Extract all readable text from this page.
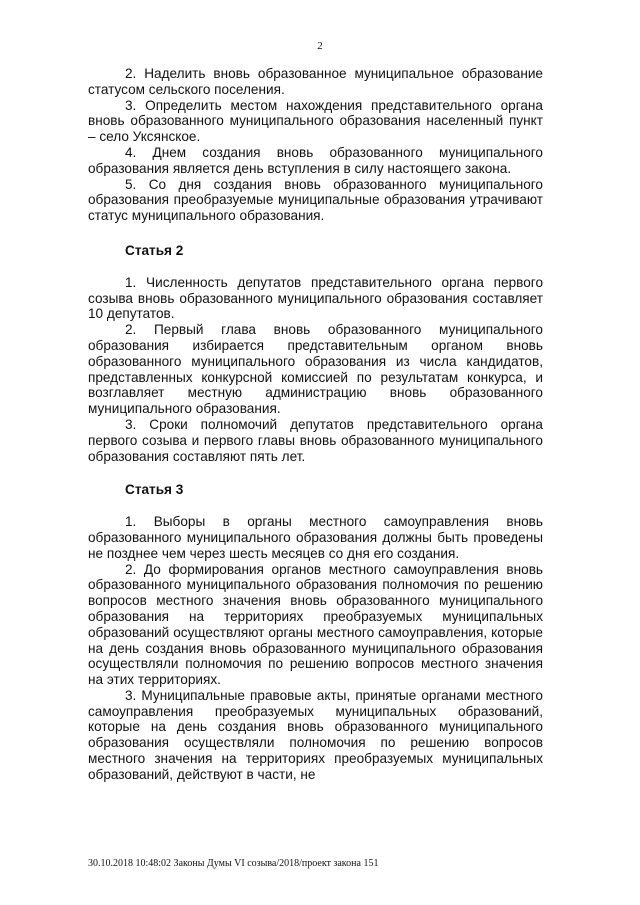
2

2. Наделить вновь образованное муниципальное образование статусом сельского поселения.

3. Определить местом нахождения представительного органа вновь образованного муниципального образования населенный пункт – село Уксянское.

4. Днем создания вновь образованного муниципального образования является день вступления в силу настоящего закона.

5. Со дня создания вновь образованного муниципального образования преобразуемые муниципальные образования утрачивают статус муниципального образования.

Статья 2

1. Численность депутатов представительного органа первого созыва вновь образованного муниципального образования составляет 10 депутатов.

2. Первый глава вновь образованного муниципального образования избирается представительным органом вновь образованного муниципального образования из числа кандидатов, представленных конкурсной комиссией по результатам конкурса, и возглавляет местную администрацию вновь образованного муниципального образования.

3. Сроки полномочий депутатов представительного органа первого созыва и первого главы вновь образованного муниципального образования составляют пять лет.

Статья 3

1. Выборы в органы местного самоуправления вновь образованного муниципального образования должны быть проведены не позднее чем через шесть месяцев со дня его создания.

2. До формирования органов местного самоуправления вновь образованного муниципального образования полномочия по решению вопросов местного значения вновь образованного муниципального образования на территориях преобразуемых муниципальных образований осуществляют органы местного самоуправления, которые на день создания вновь образованного муниципального образования осуществляли полномочия по решению вопросов местного значения на этих территориях.

3. Муниципальные правовые акты, принятые органами местного самоуправления преобразуемых муниципальных образований, которые на день создания вновь образованного муниципального образования осуществляли полномочия по решению вопросов местного значения на территориях преобразуемых муниципальных образований, действуют в части, не

30.10.2018 10:48:02 Законы Думы VI созыва/2018/проект закона 151
